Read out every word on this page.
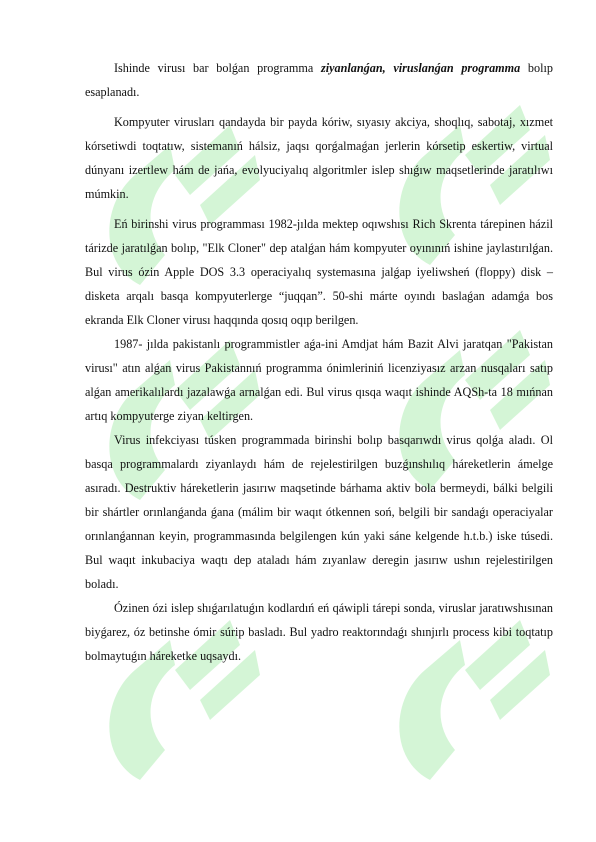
Ishinde virusı bar bolǵan programma ziyanlanǵan, viruslanǵan programma bolıp esaplanadı.

Kompyuter virusları qandayda bir payda kóriw, sıyasıy akciya, shoqlıq, sabotaj, xızmet kórsetiwdi toqtatıw, sistemanıń hálsiz, jaqsı qorǵalmaǵan jerlerin kórsetip eskertiw, virtual dúnyanı izertlew hám de jańa, evolyuciyalıq algoritmler islep shıǵıw maqsetlerinde jaratılıwı múmkin.

Eń birinshi virus programması 1982-jılda mektep oqıwshısı Rich Skrenta tárepinen házil tárizde jaratılǵan bolıp, "Elk Cloner" dep atalǵan hám kompyuter oyınınıń ishine jaylastırılǵan. Bul virus ózin Apple DOS 3.3 operaciyalıq systemasına jalǵap iyeliwsheń (floppy) disk –disketa arqalı basqa kompyuterlerge “juqqan”. 50-shi márte oyındı baslaǵan adamǵa bos ekranda Elk Cloner virusı haqqında qosıq oqıp berilgen.

1987- jılda pakistanlı programmistler aǵa-ini Amdjat hám Bazit Alvi jaratqan "Pakistan virusı" atın alǵan virus Pakistannıń programma ónimleriniń licenziyasız arzan nusqaları satıp alǵan amerikalılardı jazalawǵa arnalǵan edi. Bul virus qısqa waqıt ishinde AQSh-ta 18 mıńnan artıq kompyuterge ziyan keltirgen.

Virus infekciyası túsken programmada birinshi bolıp basqarıwdı virus qolǵa aladı. Ol basqa programmalardı ziyanlaydı hám de rejelestirilgen buzǵınshılıq háreketlerin ámelge asıradı. Destruktiv háreketlerin jasırıw maqsetinde bárhama aktiv bola bermeydi, bálki belgili bir shártler orınlanǵanda ǵana (málim bir waqıt ótkennen soń, belgili bir sandaǵı operaciyalar orınlanǵannan keyin, programmasında belgilengen kún yaki sáne kelgende h.t.b.) iske túsedi. Bul waqıt inkubaciya waqtı dep ataladı hám zıyanlaw deregin jasırıw ushın rejelestirilgen boladı.

Ózinen ózi islep shıǵarılatuǵın kodlardıń eń qáwipli tárepi sonda, viruslar jaratıwshısınan biyǵarez, óz betinshe ómir súrip basladı. Bul yadro reaktorındaǵı shınjırlı process kibi toqtatıp bolmaytuǵın háreketke uqsaydı.
